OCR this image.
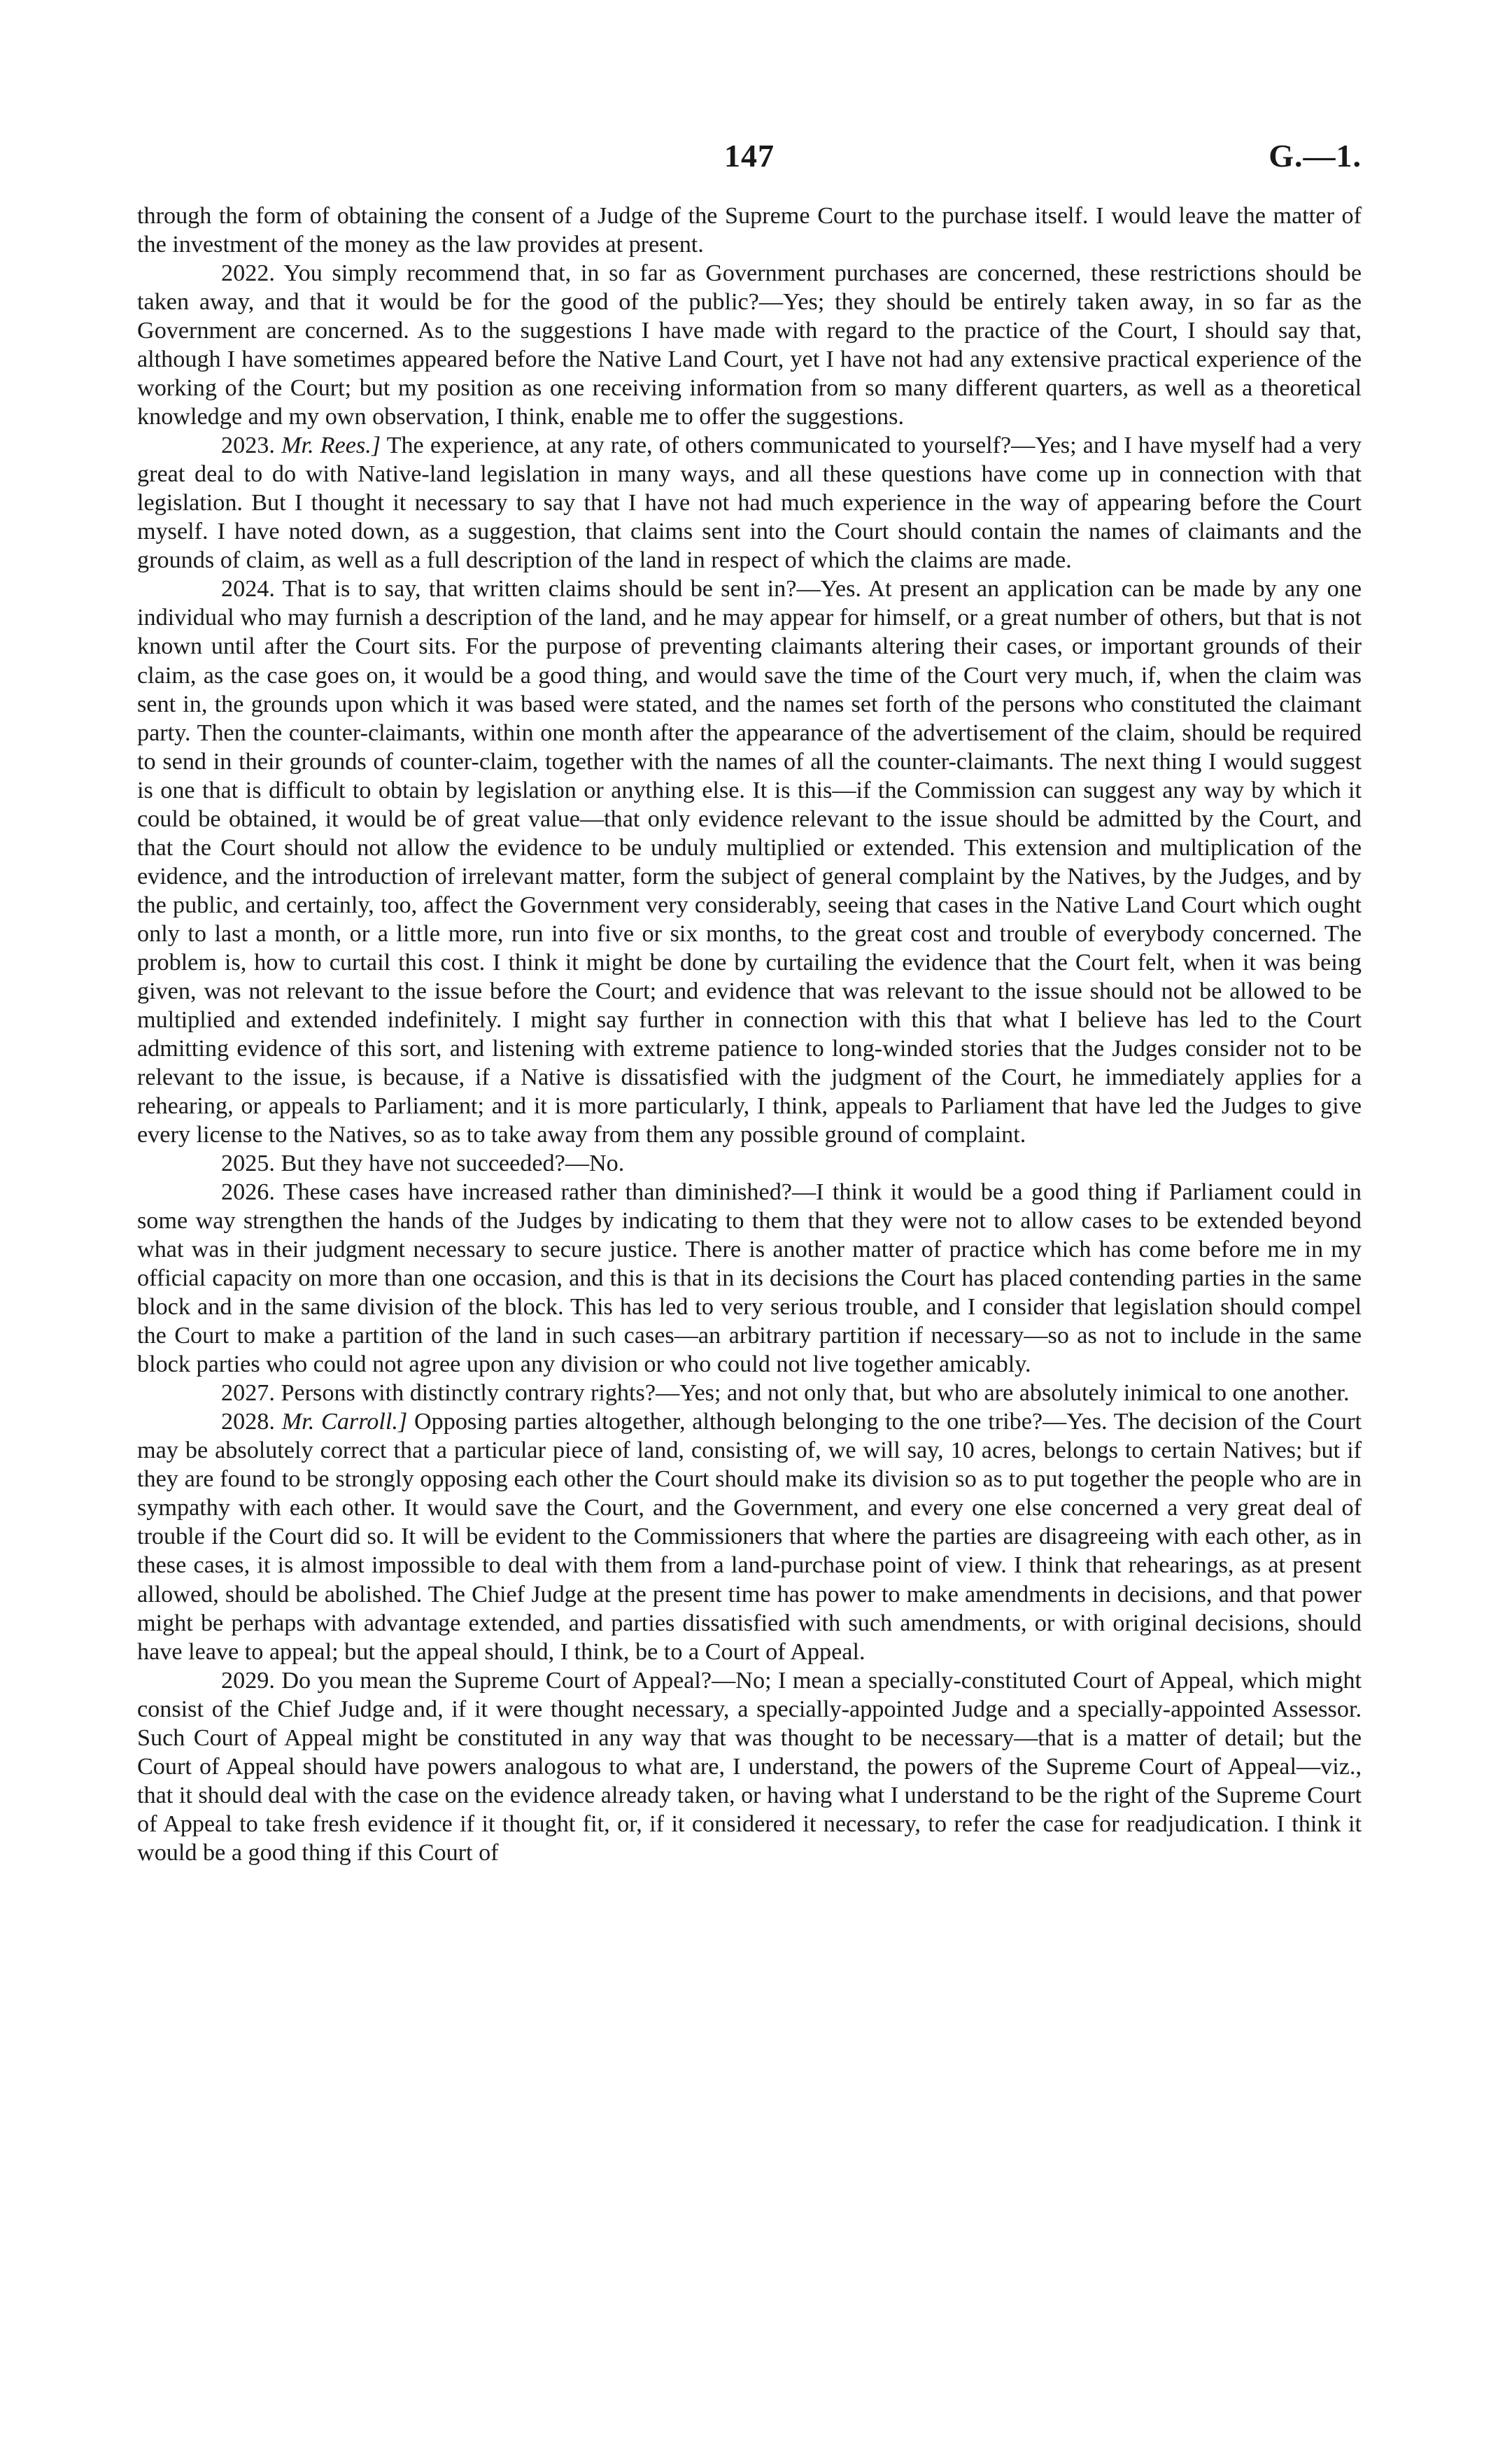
147	G.—1.

through the form of obtaining the consent of a Judge of the Supreme Court to the purchase itself. I would leave the matter of the investment of the money as the law provides at present.

2022. You simply recommend that, in so far as Government purchases are concerned, these restrictions should be taken away, and that it would be for the good of the public?—Yes; they should be entirely taken away, in so far as the Government are concerned. As to the suggestions I have made with regard to the practice of the Court, I should say that, although I have sometimes appeared before the Native Land Court, yet I have not had any extensive practical experience of the working of the Court; but my position as one receiving information from so many different quarters, as well as a theoretical knowledge and my own observation, I think, enable me to offer the suggestions.

2023. Mr. Rees.] The experience, at any rate, of others communicated to yourself?—Yes; and I have myself had a very great deal to do with Native-land legislation in many ways, and all these questions have come up in connection with that legislation. But I thought it necessary to say that I have not had much experience in the way of appearing before the Court myself. I have noted down, as a suggestion, that claims sent into the Court should contain the names of claimants and the grounds of claim, as well as a full description of the land in respect of which the claims are made.

2024. That is to say, that written claims should be sent in?—Yes. At present an application can be made by any one individual who may furnish a description of the land, and he may appear for himself, or a great number of others, but that is not known until after the Court sits. For the purpose of preventing claimants altering their cases, or important grounds of their claim, as the case goes on, it would be a good thing, and would save the time of the Court very much, if, when the claim was sent in, the grounds upon which it was based were stated, and the names set forth of the persons who constituted the claimant party. Then the counter-claimants, within one month after the appearance of the advertisement of the claim, should be required to send in their grounds of counter-claim, together with the names of all the counter-claimants. The next thing I would suggest is one that is difficult to obtain by legislation or anything else. It is this—if the Commission can suggest any way by which it could be obtained, it would be of great value—that only evidence relevant to the issue should be admitted by the Court, and that the Court should not allow the evidence to be unduly multiplied or extended. This extension and multiplication of the evidence, and the introduction of irrelevant matter, form the subject of general complaint by the Natives, by the Judges, and by the public, and certainly, too, affect the Government very considerably, seeing that cases in the Native Land Court which ought only to last a month, or a little more, run into five or six months, to the great cost and trouble of everybody concerned. The problem is, how to curtail this cost. I think it might be done by curtailing the evidence that the Court felt, when it was being given, was not relevant to the issue before the Court; and evidence that was relevant to the issue should not be allowed to be multiplied and extended indefinitely. I might say further in connection with this that what I believe has led to the Court admitting evidence of this sort, and listening with extreme patience to long-winded stories that the Judges consider not to be relevant to the issue, is because, if a Native is dissatisfied with the judgment of the Court, he immediately applies for a rehearing, or appeals to Parliament; and it is more particularly, I think, appeals to Parliament that have led the Judges to give every license to the Natives, so as to take away from them any possible ground of complaint.

2025. But they have not succeeded?—No.

2026. These cases have increased rather than diminished?—I think it would be a good thing if Parliament could in some way strengthen the hands of the Judges by indicating to them that they were not to allow cases to be extended beyond what was in their judgment necessary to secure justice. There is another matter of practice which has come before me in my official capacity on more than one occasion, and this is that in its decisions the Court has placed contending parties in the same block and in the same division of the block. This has led to very serious trouble, and I consider that legislation should compel the Court to make a partition of the land in such cases—an arbitrary partition if necessary—so as not to include in the same block parties who could not agree upon any division or who could not live together amicably.

2027. Persons with distinctly contrary rights?—Yes; and not only that, but who are absolutely inimical to one another.

2028. Mr. Carroll.] Opposing parties altogether, although belonging to the one tribe?—Yes. The decision of the Court may be absolutely correct that a particular piece of land, consisting of, we will say, 10 acres, belongs to certain Natives; but if they are found to be strongly opposing each other the Court should make its division so as to put together the people who are in sympathy with each other. It would save the Court, and the Government, and every one else concerned a very great deal of trouble if the Court did so. It will be evident to the Commissioners that where the parties are disagreeing with each other, as in these cases, it is almost impossible to deal with them from a land-purchase point of view. I think that rehearings, as at present allowed, should be abolished. The Chief Judge at the present time has power to make amendments in decisions, and that power might be perhaps with advantage extended, and parties dissatisfied with such amendments, or with original decisions, should have leave to appeal; but the appeal should, I think, be to a Court of Appeal.

2029. Do you mean the Supreme Court of Appeal?—No; I mean a specially-constituted Court of Appeal, which might consist of the Chief Judge and, if it were thought necessary, a specially-appointed Judge and a specially-appointed Assessor. Such Court of Appeal might be constituted in any way that was thought to be necessary—that is a matter of detail; but the Court of Appeal should have powers analogous to what are, I understand, the powers of the Supreme Court of Appeal—viz., that it should deal with the case on the evidence already taken, or having what I understand to be the right of the Supreme Court of Appeal to take fresh evidence if it thought fit, or, if it considered it necessary, to refer the case for readjudication. I think it would be a good thing if this Court of
